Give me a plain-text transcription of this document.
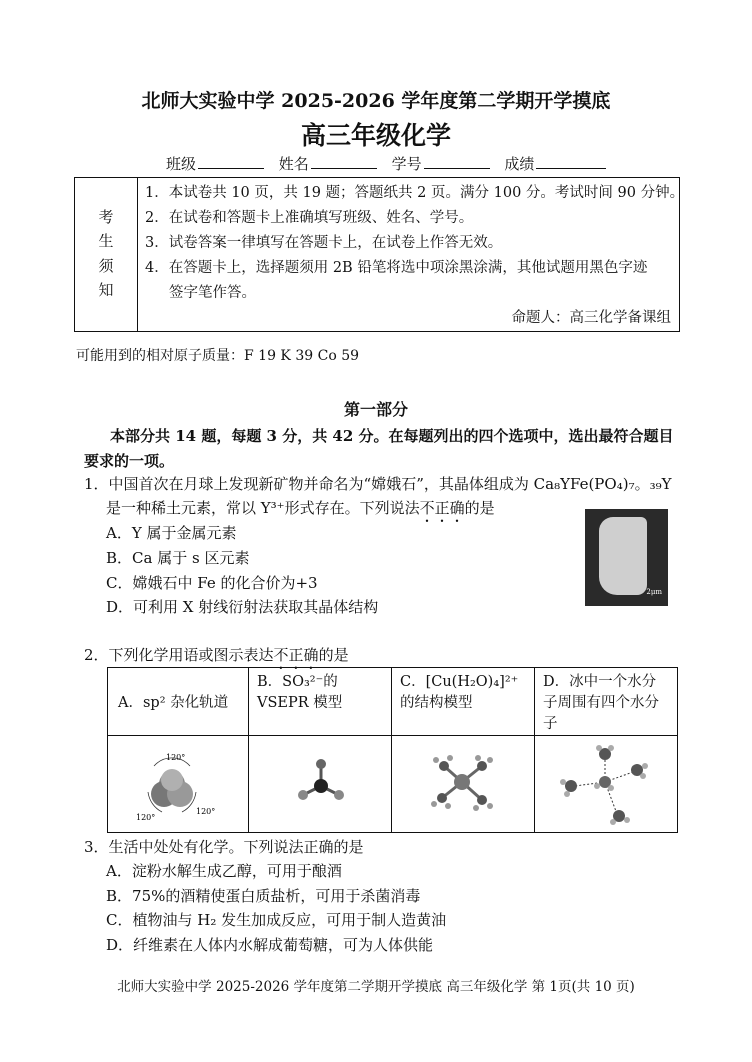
北师大实验中学 2025-2026 学年度第二学期开学摸底
高三年级化学
班级	姓名	学号	成绩
考
生
须
知
1．本试卷共 10 页，共 19 题；答题纸共 2 页。满分 100 分。考试时间 90 分钟。
2．在试卷和答题卡上准确填写班级、姓名、学号。
3．试卷答案一律填写在答题卡上，在试卷上作答无效。
4．在答题卡上，选择题须用 2B 铅笔将选中项涂黑涂满，其他试题用黑色字迹
签字笔作答。
命题人：高三化学备课组
可能用到的相对原子质量：F 19 K 39 Co 59
第一部分
本部分共 14 题，每题 3 分，共 42 分。在每题列出的四个选项中，选出最符合题目
要求的一项。
1．中国首次在月球上发现新矿物并命名为“嫦娥石”，其晶体组成为 Ca₈YFe(PO₄)₇。₃₉Y
是一种稀土元素，常以 Y³⁺形式存在。下列说法不正确的是
A．Y 属于金属元素
B．Ca 属于 s 区元素
C．嫦娥石中 Fe 的化合价为+3
D．可利用 X 射线衍射法获取其晶体结构
2μm
2．下列化学用语或图示表达不正确的是
A．sp² 杂化轨道	B．SO₃²⁻的 VSEPR 模型	C．[Cu(H₂O)₄]²⁺的结构模型	D．冰中一个水分子周围有四个水分子

120°
120°
120°

3．生活中处处有化学。下列说法正确的是
A．淀粉水解生成乙醇，可用于酿酒
B．75%的酒精使蛋白质盐析，可用于杀菌消毒
C．植物油与 H₂ 发生加成反应，可用于制人造黄油
D．纤维素在人体内水解成葡萄糖，可为人体供能
北师大实验中学 2025-2026 学年度第二学期开学摸底 高三年级化学 第 1页(共 10 页)
